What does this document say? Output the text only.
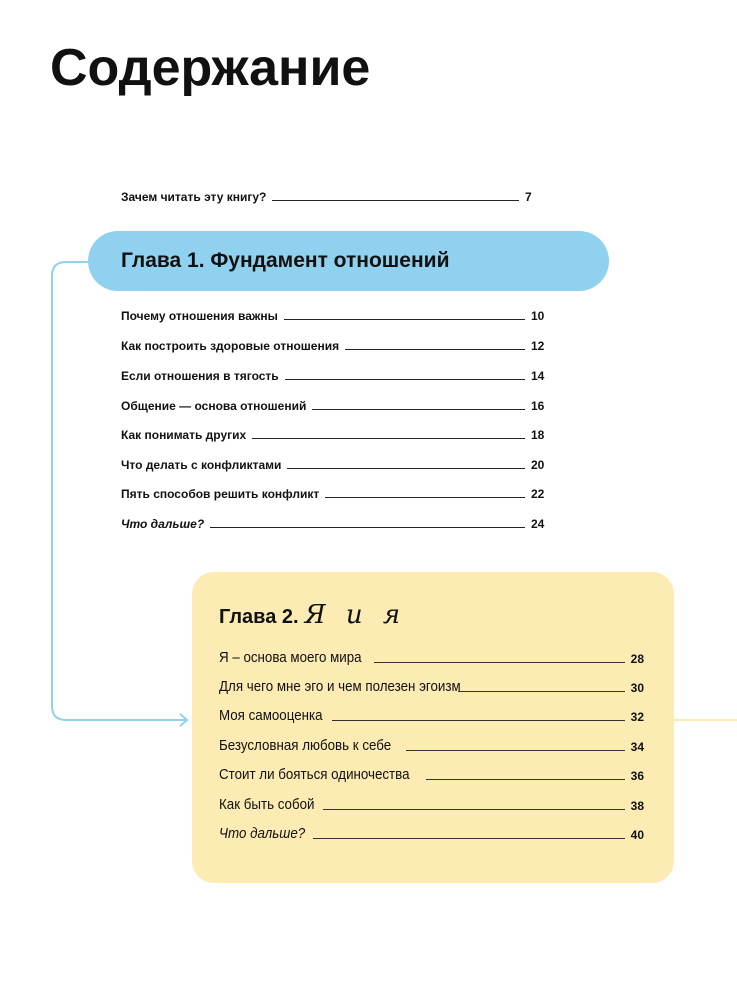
Содержание
Зачем читать эту книгу?	7
Глава 1. Фундамент отношений
Почему отношения важны	10
Как построить здоровые отношения	12
Если отношения в тягость	14
Общение — основа отношений	16
Как понимать других	18
Что делать с конфликтами	20
Пять способов решить конфликт	22
Что дальше?	24
Глава 2. Я и я
Я – основа моего мира	28
Для чего мне эго и чем полезен эгоизм	30
Моя самооценка	32
Безусловная любовь к себе	34
Стоит ли бояться одиночества	36
Как быть собой	38
Что дальше?	40
